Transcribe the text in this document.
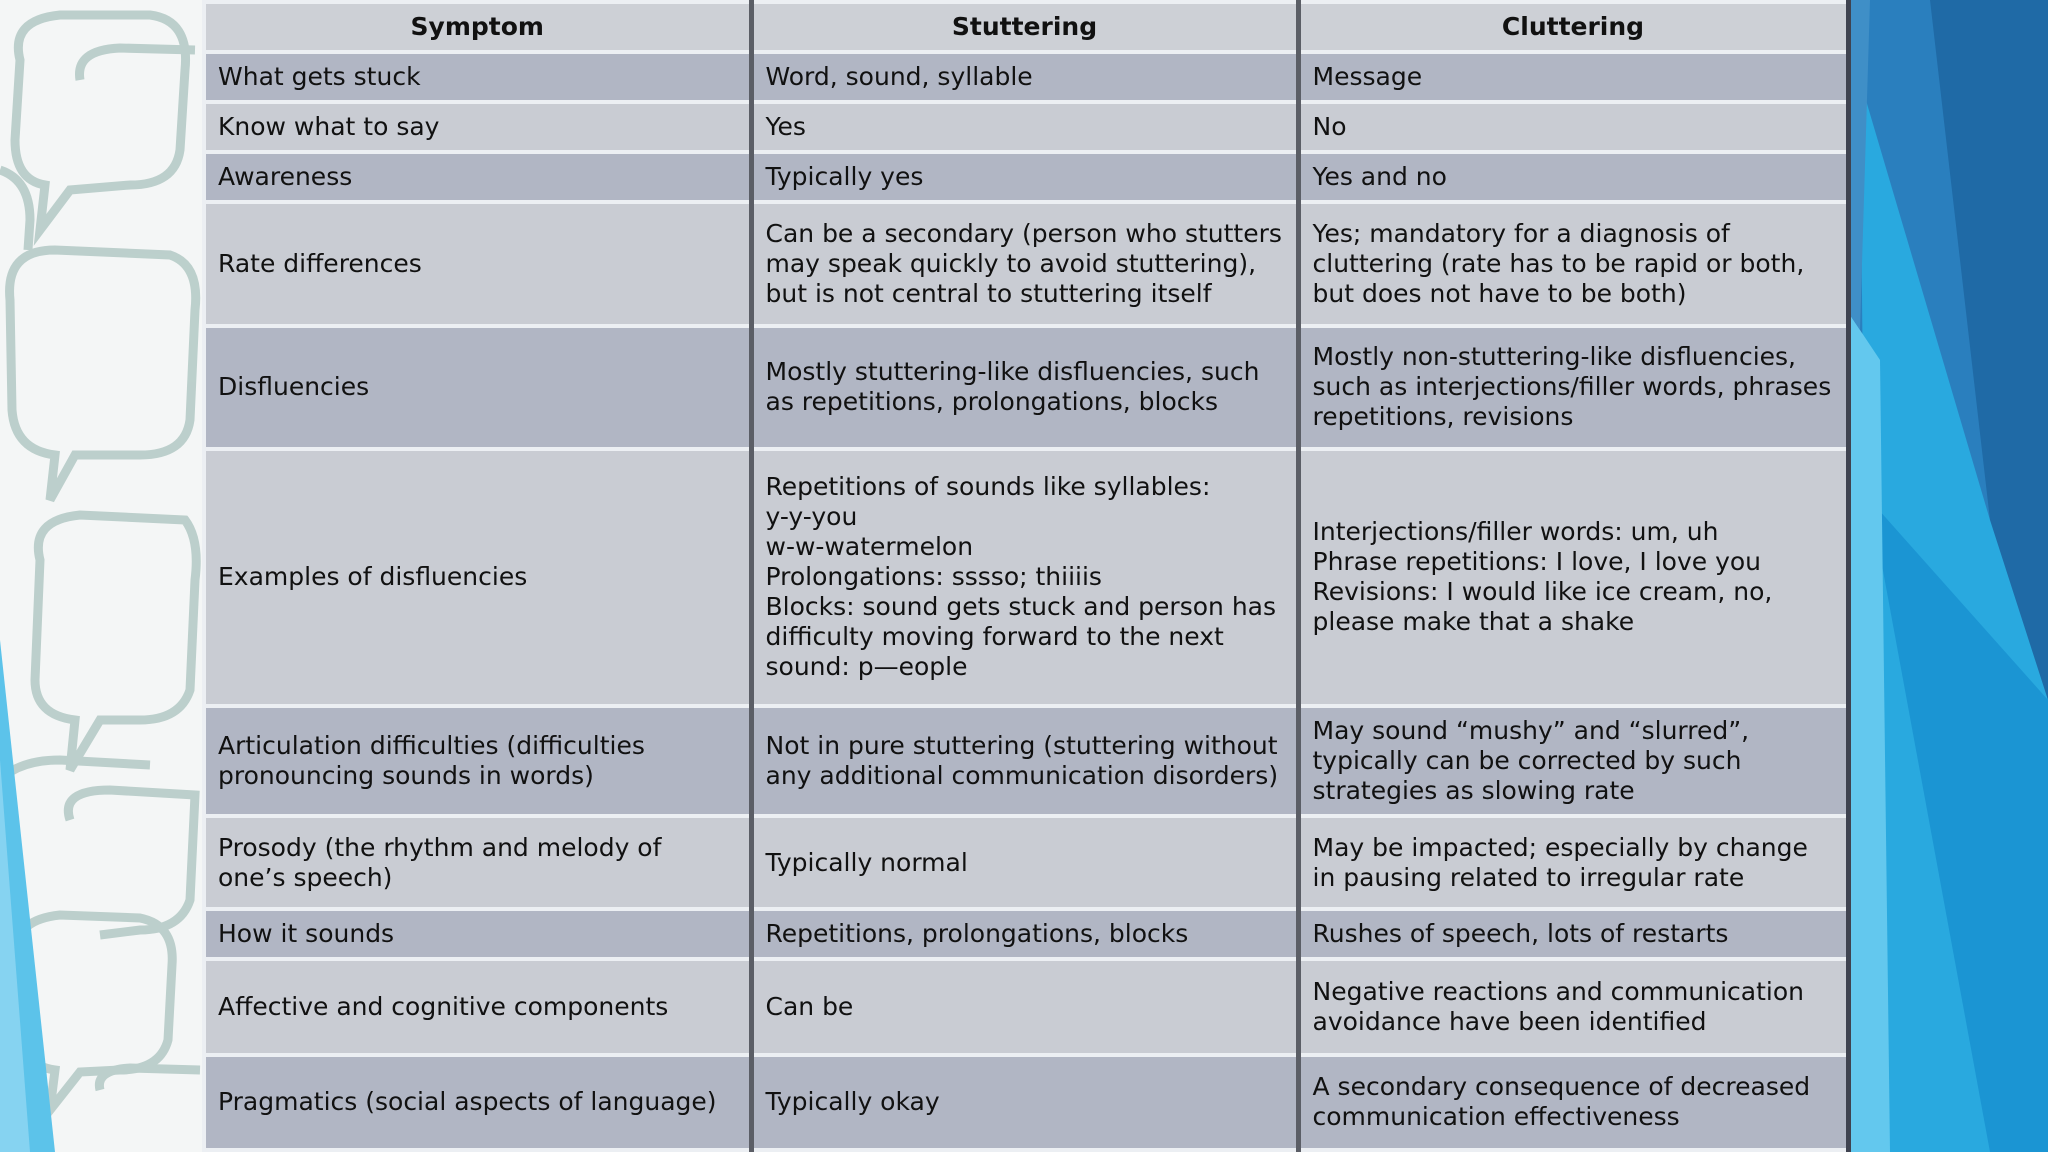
Symptom	Stuttering	Cluttering
What gets stuck	Word, sound, syllable	Message
Know what to say	Yes	No
Awareness	Typically yes	Yes and no
Rate differences	Can be a secondary (person who stutters may speak quickly to avoid stuttering), but is not central to stuttering itself	Yes; mandatory for a diagnosis of cluttering (rate has to be rapid or both, but does not have to be both)
Disfluencies	Mostly stuttering-like disfluencies, such as repetitions, prolongations, blocks	Mostly non-stuttering-like disfluencies, such as interjections/filler words, phrases repetitions, revisions
Examples of disfluencies	Repetitions of sounds like syllables:
y-y-you
w-w-watermelon
Prolongations: sssso; thiiiis
Blocks: sound gets stuck and person has difficulty moving forward to the next sound: p—eople	Interjections/filler words: um, uh
Phrase repetitions: I love, I love you
Revisions: I would like ice cream, no, please make that a shake
Articulation difficulties (difficulties pronouncing sounds in words)	Not in pure stuttering (stuttering without any additional communication disorders)	May sound “mushy” and “slurred”, typically can be corrected by such strategies as slowing rate
Prosody (the rhythm and melody of one’s speech)	Typically normal	May be impacted; especially by change in pausing related to irregular rate
How it sounds	Repetitions, prolongations, blocks	Rushes of speech, lots of restarts
Affective and cognitive components	Can be	Negative reactions and communication avoidance have been identified
Pragmatics (social aspects of language)	Typically okay	A secondary consequence of decreased communication effectiveness
